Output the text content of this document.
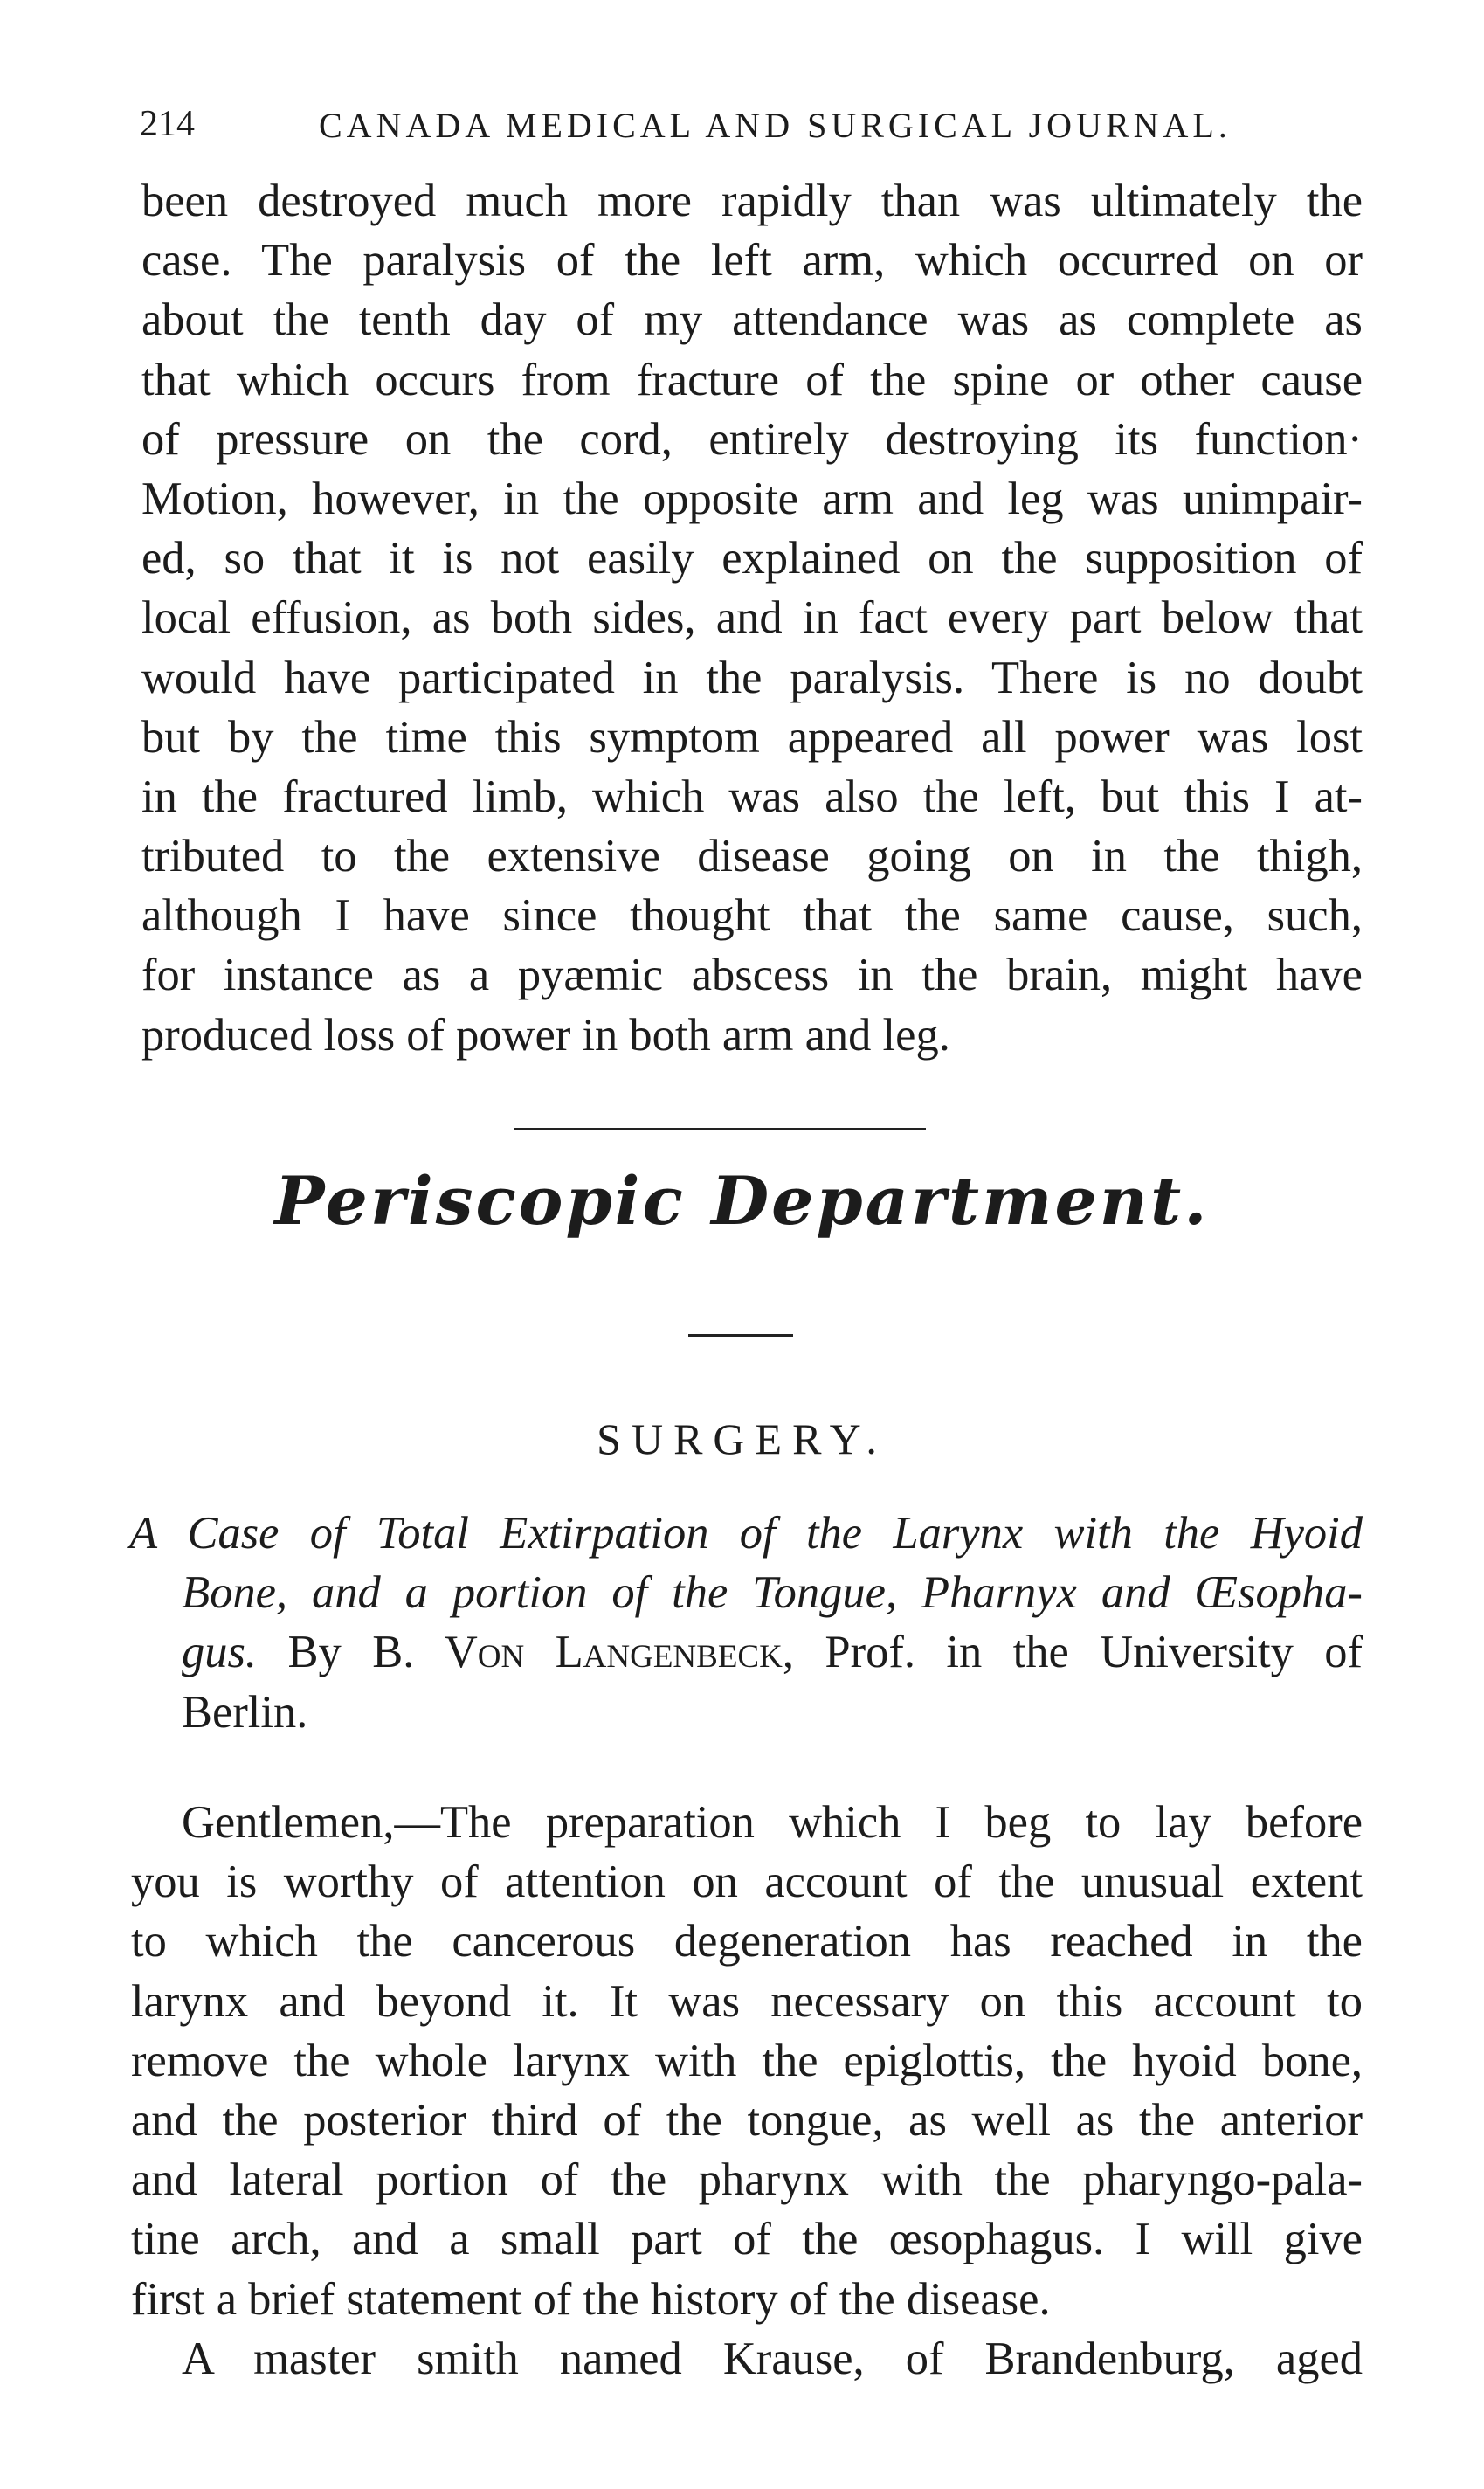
214	CANADA MEDICAL AND SURGICAL JOURNAL.
been destroyed much more rapidly than was ultimately the
case. The paralysis of the left arm, which occurred on or
about the tenth day of my attendance was as complete as
that which occurs from fracture of the spine or other cause
of pressure on the cord, entirely destroying its function·
Motion, however, in the opposite arm and leg was unimpair-
ed, so that it is not easily explained on the supposition of
local effusion, as both sides, and in fact every part below that
would have participated in the paralysis. There is no doubt
but by the time this symptom appeared all power was lost
in the fractured limb, which was also the left, but this I at-
tributed to the extensive disease going on in the thigh,
although I have since thought that the same cause, such,
for instance as a pyæmic abscess in the brain, might have
produced loss of power in both arm and leg.
Periscopic Department.
SURGERY.
A Case of Total Extirpation of the Larynx with the Hyoid
Bone, and a portion of the Tongue, Pharnyx and Œsopha-
gus. By B. Von Langenbeck, Prof. in the University of
Berlin.
Gentlemen,—The preparation which I beg to lay before
you is worthy of attention on account of the unusual extent
to which the cancerous degeneration has reached in the
larynx and beyond it. It was necessary on this account to
remove the whole larynx with the epiglottis, the hyoid bone,
and the posterior third of the tongue, as well as the anterior
and lateral portion of the pharynx with the pharyngo-pala-
tine arch, and a small part of the œsophagus. I will give
first a brief statement of the history of the disease.
A master smith named Krause, of Brandenburg, aged
